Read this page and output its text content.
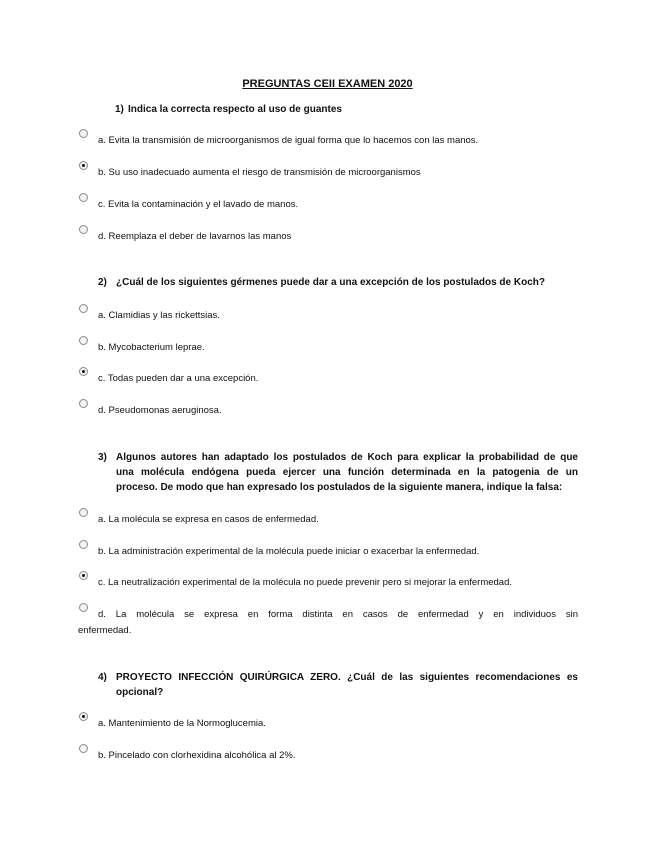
PREGUNTAS CEII EXAMEN 2020
1) Indica la correcta respecto al uso de guantes
a. Evita la transmisión de microorganismos de igual forma que lo hacemos con las manos.
b. Su uso inadecuado aumenta el riesgo de transmisión de microorganismos
c. Evita la contaminación y el lavado de manos.
d. Reemplaza el deber de lavarnos las manos
2) ¿Cuál de los siguientes gérmenes puede dar a una excepción de los postulados de Koch?
a. Clamidias y las rickettsias.
b. Mycobacterium leprae.
c. Todas pueden dar a una excepción.
d. Pseudomonas aeruginosa.
3) Algunos autores han adaptado los postulados de Koch para explicar la probabilidad de que
una molécula endógena pueda ejercer una función determinada en la patogenia de un
proceso. De modo que han expresado los postulados de la siguiente manera, indique la falsa:
a. La molécula se expresa en casos de enfermedad.
b. La administración experimental de la molécula puede iniciar o exacerbar la enfermedad.
c. La neutralización experimental de la molécula no puede prevenir pero si mejorar la enfermedad.
d. La molécula se expresa en forma distinta en casos de enfermedad y en individuos sin
enfermedad.
4) PROYECTO INFECCIÓN QUIRÚRGICA ZERO. ¿Cuál de las siguientes recomendaciones es
opcional?
a. Mantenimiento de la Normoglucemia.
b. Pincelado con clorhexidina alcohólica al 2%.
